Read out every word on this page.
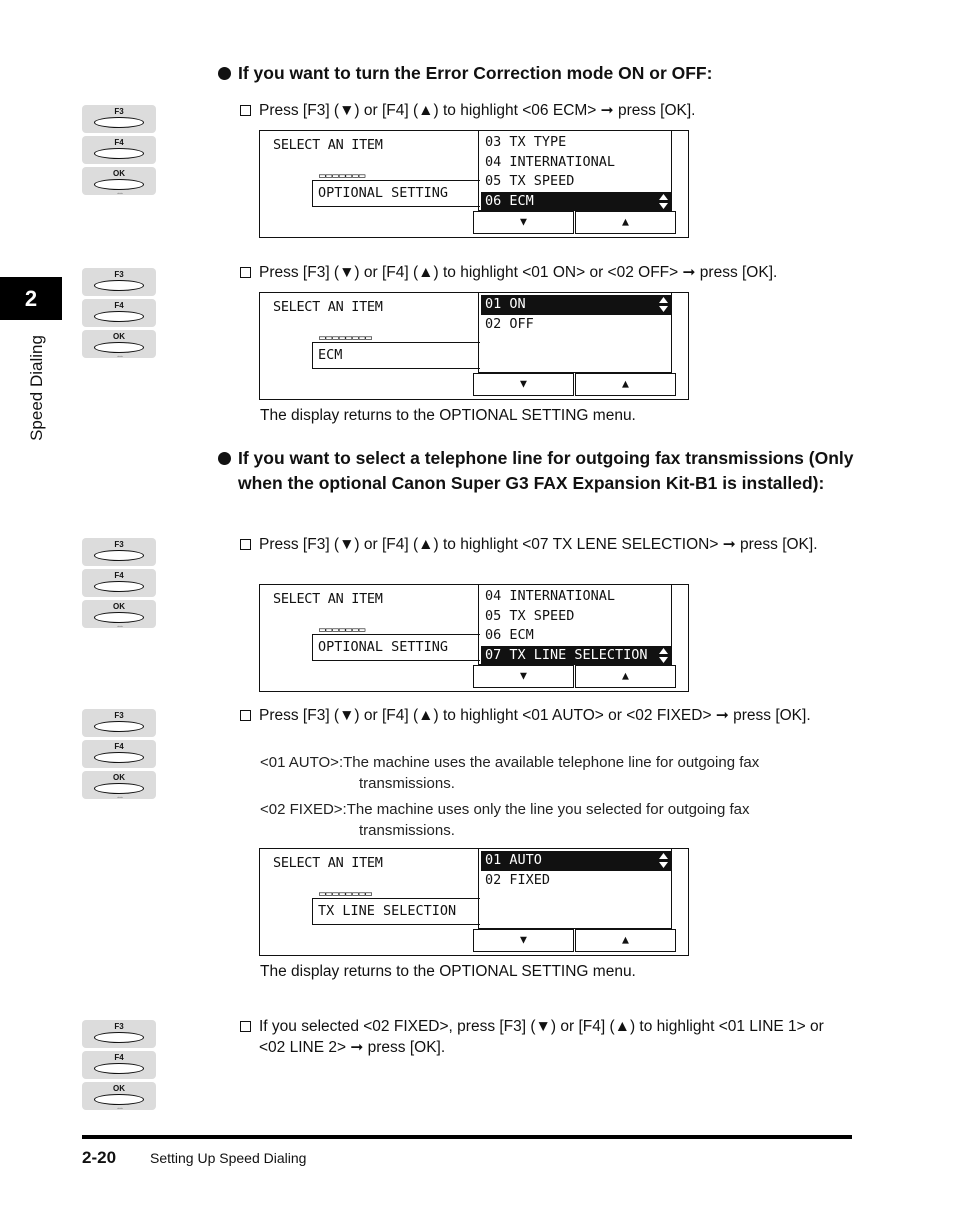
2
Speed Dialing
If you want to turn the Error Correction mode ON or OFF:
F3
F4
OK
◦◦◦
Press [F3] (▼) or [F4] (▲) to highlight <06 ECM> ➞ press [OK].
SELECT AN ITEM
▭▭▭▭▭▭▭
OPTIONAL SETTING
03 TX TYPE
04 INTERNATIONAL
05 TX SPEED
06 ECM
▼	▲
F3
F4
OK
◦◦◦
Press [F3] (▼) or [F4] (▲) to highlight <01 ON> or <02 OFF> ➞ press [OK].
SELECT AN ITEM
▭▭▭▭▭▭▭▭
ECM
01 ON
02 OFF
▼	▲
The display returns to the OPTIONAL SETTING menu.
If you want to select a telephone line for outgoing fax transmissions (Only when the optional Canon Super G3 FAX Expansion Kit-B1 is installed):
F3
F4
OK
◦◦◦
Press [F3] (▼) or [F4] (▲) to highlight <07 TX LENE SELECTION> ➞ press [OK].
SELECT AN ITEM
▭▭▭▭▭▭▭
OPTIONAL SETTING
04 INTERNATIONAL
05 TX SPEED
06 ECM
07 TX LINE SELECTION
▼	▲
F3
F4
OK
◦◦◦
Press [F3] (▼) or [F4] (▲) to highlight <01 AUTO> or <02 FIXED> ➞ press [OK].
<01 AUTO>:The machine uses the available telephone line for outgoing fax
transmissions.
<02 FIXED>:The machine uses only the line you selected for outgoing fax
transmissions.
SELECT AN ITEM
▭▭▭▭▭▭▭▭
TX LINE SELECTION
01 AUTO
02 FIXED
▼	▲
The display returns to the OPTIONAL SETTING menu.
F3
F4
OK
◦◦◦
If you selected <02 FIXED>, press [F3] (▼) or [F4] (▲) to highlight <01 LINE 1> or <02 LINE 2> ➞ press [OK].
2-20 Setting Up Speed Dialing
